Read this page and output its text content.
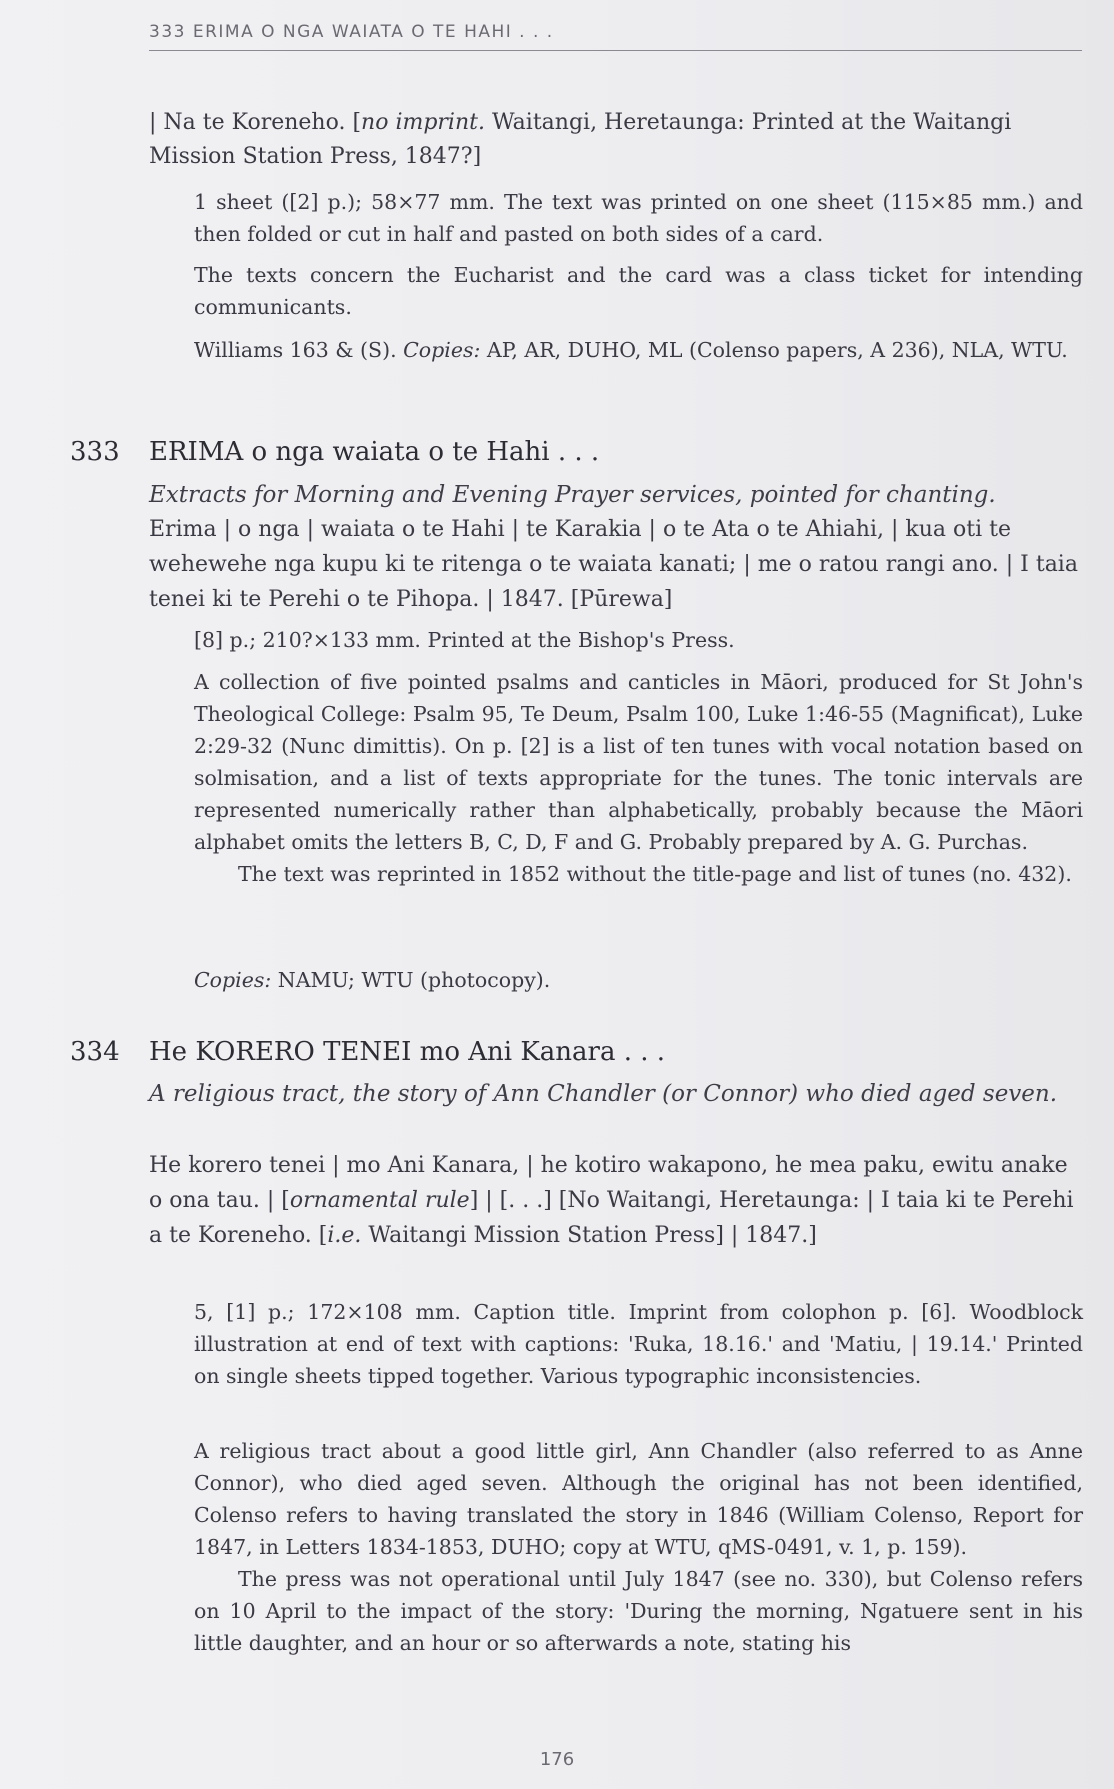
333 ERIMA O NGA WAIATA O TE HAHI . . .
| Na te Koreneho. [no imprint. Waitangi, Heretaunga: Printed at the Waitangi Mission Station Press, 1847?]
1 sheet ([2] p.); 58×77 mm. The text was printed on one sheet (115×85 mm.) and then folded or cut in half and pasted on both sides of a card.
The texts concern the Eucharist and the card was a class ticket for intending communicants.
Williams 163 & (S). Copies: AP, AR, DUHO, ML (Colenso papers, A 236), NLA, WTU.
333 ERIMA o nga waiata o te Hahi . . .
Extracts for Morning and Evening Prayer services, pointed for chanting.
Erima | o nga | waiata o te Hahi | te Karakia | o te Ata o te Ahiahi, | kua oti te wehewehe nga kupu ki te ritenga o te waiata kanati; | me o ratou rangi ano. | I taia tenei ki te Perehi o te Pihopa. | 1847. [Pūrewa]
[8] p.; 210?×133 mm. Printed at the Bishop's Press.

A collection of five pointed psalms and canticles in Māori, produced for St John's Theological College: Psalm 95, Te Deum, Psalm 100, Luke 1:46-55 (Magnificat), Luke 2:29-32 (Nunc dimittis). On p. [2] is a list of ten tunes with vocal notation based on solmisation, and a list of texts appropriate for the tunes. The tonic intervals are represented numerically rather than alphabetically, probably because the Māori alphabet omits the letters B, C, D, F and G. Probably prepared by A. G. Purchas.

The text was reprinted in 1852 without the title-page and list of tunes (no. 432).

Copies: NAMU; WTU (photocopy).
334 He KORERO TENEI mo Ani Kanara . . .
A religious tract, the story of Ann Chandler (or Connor) who died aged seven.
He korero tenei | mo Ani Kanara, | he kotiro wakapono, he mea paku, ewitu anake o ona tau. | [ornamental rule] | [. . .] [No Waitangi, Heretaunga: | I taia ki te Perehi a te Koreneho. [i.e. Waitangi Mission Station Press] | 1847.]
5, [1] p.; 172×108 mm. Caption title. Imprint from colophon p. [6]. Woodblock illustration at end of text with captions: 'Ruka, 18.16.' and 'Matiu, | 19.14.' Printed on single sheets tipped together. Various typographic inconsistencies.

A religious tract about a good little girl, Ann Chandler (also referred to as Anne Connor), who died aged seven. Although the original has not been identified, Colenso refers to having translated the story in 1846 (William Colenso, Report for 1847, in Letters 1834-1853, DUHO; copy at WTU, qMS-0491, v. 1, p. 159).

The press was not operational until July 1847 (see no. 330), but Colenso refers on 10 April to the impact of the story: 'During the morning, Ngatuere sent in his little daughter, and an hour or so afterwards a note, stating his

176
